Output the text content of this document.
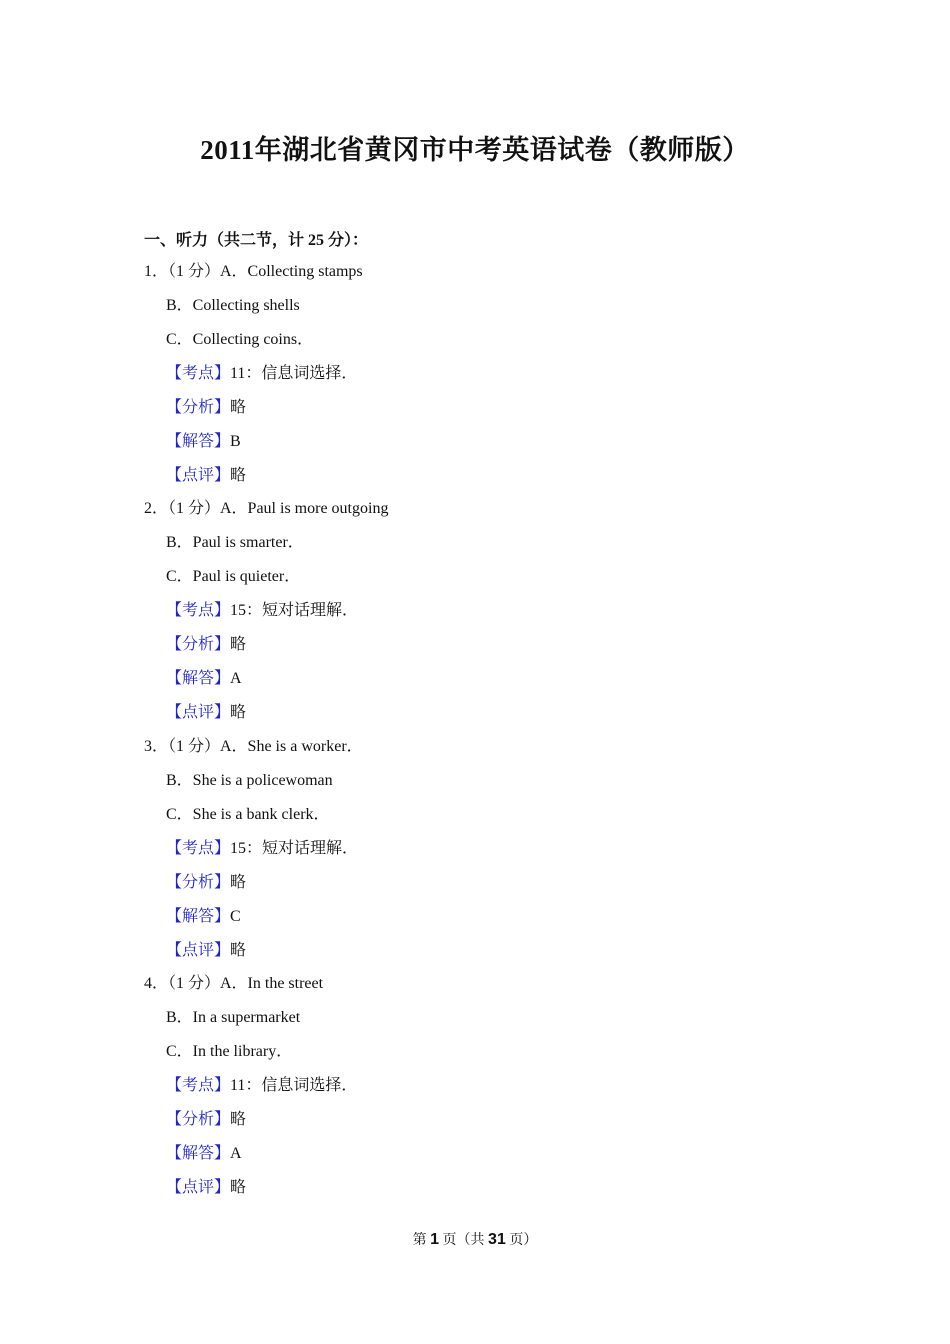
2011年湖北省黄冈市中考英语试卷（教师版）
一、听力（共二节，计 25 分）：
1．（1 分）A．Collecting stamps
B．Collecting shells
C．Collecting coins．
【考点】11：信息词选择．
【分析】略
【解答】B
【点评】略
2．（1 分）A．Paul is more outgoing
B．Paul is smarter．
C．Paul is quieter．
【考点】15：短对话理解．
【分析】略
【解答】A
【点评】略
3．（1 分）A．She is a worker．
B．She is a policewoman
C．She is a bank clerk．
【考点】15：短对话理解．
【分析】略
【解答】C
【点评】略
4．（1 分）A．In the street
B．In a supermarket
C．In the library．
【考点】11：信息词选择．
【分析】略
【解答】A
【点评】略
第 1 页（共 31 页）
